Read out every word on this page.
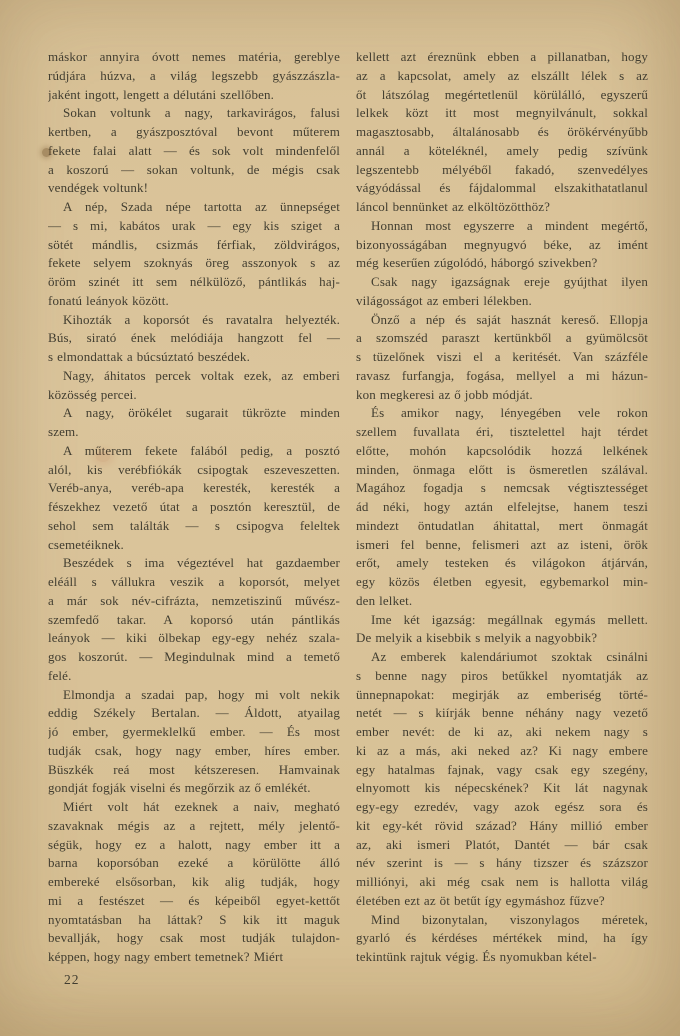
máskor annyira óvott nemes matéria, gereblye
rúdjára húzva, a világ legszebb gyászzászla-
jaként ingott, lengett a délutáni szellőben.
Sokan voltunk a nagy, tarkavirágos, falusi
kertben, a gyászposztóval bevont műterem
fekete falai alatt — és sok volt mindenfelől
a koszorú — sokan voltunk, de mégis csak
vendégek voltunk!
A nép, Szada népe tartotta az ünnepséget
— s mi, kabátos urak — egy kis sziget a
sötét mándlis, csizmás férfiak, zöldvirágos,
fekete selyem szoknyás öreg asszonyok s az
öröm szinét itt sem nélkülöző, pántlikás haj-
fonatú leányok között.
Kihozták a koporsót és ravatalra helyezték.
Bús, sirató ének melódiája hangzott fel —
s elmondattak a búcsúztató beszédek.
Nagy, áhitatos percek voltak ezek, az emberi
közösség percei.
A nagy, örökélet sugarait tükrözte minden
szem.
A műterem fekete falából pedig, a posztó
alól, kis verébfiókák csipogtak eszeveszetten.
Veréb-anya, veréb-apa keresték, keresték a
fészekhez vezető útat a posztón keresztül, de
sehol sem találták — s csipogva feleltek
csemetéiknek.
Beszédek s ima végeztével hat gazdaember
eléáll s vállukra veszik a koporsót, melyet
a már sok név-cifrázta, nemzetiszinű művész-
szemfedő takar. A koporsó után pántlikás
leányok — kiki ölbekap egy-egy nehéz szala-
gos koszorút. — Megindulnak mind a temető
felé.
Elmondja a szadai pap, hogy mi volt nekik
eddig Székely Bertalan. — Áldott, atyailag
jó ember, gyermeklelkű ember. — És most
tudják csak, hogy nagy ember, híres ember.
Büszkék reá most kétszeresen. Hamvainak
gondját fogják viselni és megőrzik az ő emlékét.
Miért volt hát ezeknek a naiv, megható
szavaknak mégis az a rejtett, mély jelentő-
ségük, hogy ez a halott, nagy ember itt a
barna koporsóban ezeké a körülötte álló
embereké elsősorban, kik alig tudják, hogy
mi a festészet — és képeiből egyet-kettőt
nyomtatásban ha láttak? S kik itt maguk
bevallják, hogy csak most tudják tulajdon-
képpen, hogy nagy embert temetnek? Miért
kellett azt éreznünk ebben a pillanatban, hogy
az a kapcsolat, amely az elszállt lélek s az
őt látszólag megértetlenül körülálló, egyszerű
lelkek közt itt most megnyilvánult, sokkal
magasztosabb, általánosabb és örökérvényűbb
annál a köteléknél, amely pedig szívünk
legszentebb mélyéből fakadó, szenvedélyes
vágyódással és fájdalommal elszakithatatlanul
láncol bennünket az elköltözötthöz?
Honnan most egyszerre a mindent megértő,
bizonyosságában megnyugvó béke, az imént
még keserűen zúgolódó, háborgó szivekben?
Csak nagy igazságnak ereje gyújthat ilyen
világosságot az emberi lélekben.
Önző a nép és saját hasznát kereső. Ellopja
a szomszéd paraszt kertünkből a gyümölcsöt
s tüzelőnek viszi el a keritését. Van százféle
ravasz furfangja, fogása, mellyel a mi házun-
kon megkeresi az ő jobb módját.
És amikor nagy, lényegében vele rokon
szellem fuvallata éri, tisztelettel hajt térdet
előtte, mohón kapcsolódik hozzá lelkének
minden, önmaga előtt is ösmeretlen szálával.
Magához fogadja s nemcsak végtisztességet
ád néki, hogy aztán elfelejtse, hanem teszi
mindezt öntudatlan áhitattal, mert önmagát
ismeri fel benne, felismeri azt az isteni, örök
erőt, amely testeken és világokon átjárván,
egy közös életben egyesit, egybemarkol min-
den lelket.
Ime két igazság: megállnak egymás mellett.
De melyik a kisebbik s melyik a nagyobbik?
Az emberek kalendáriumot szoktak csinálni
s benne nagy piros betűkkel nyomtatják az
ünnepnapokat: megirják az emberiség törté-
netét — s kiírják benne néhány nagy vezető
ember nevét: de ki az, aki nekem nagy s
ki az a más, aki neked az? Ki nagy embere
egy hatalmas fajnak, vagy csak egy szegény,
elnyomott kis népecskének? Kit lát nagynak
egy-egy ezredév, vagy azok egész sora és
kit egy-két rövid század? Hány millió ember
az, aki ismeri Platót, Dantét — bár csak
név szerint is — s hány tizszer és százszor
milliónyi, aki még csak nem is hallotta világ
életében ezt az öt betűt így egymáshoz fűzve?
Mind bizonytalan, viszonylagos méretek,
gyarló és kérdéses mértékek mind, ha így
tekintünk rajtuk végig. És nyomukban kétel-
22
